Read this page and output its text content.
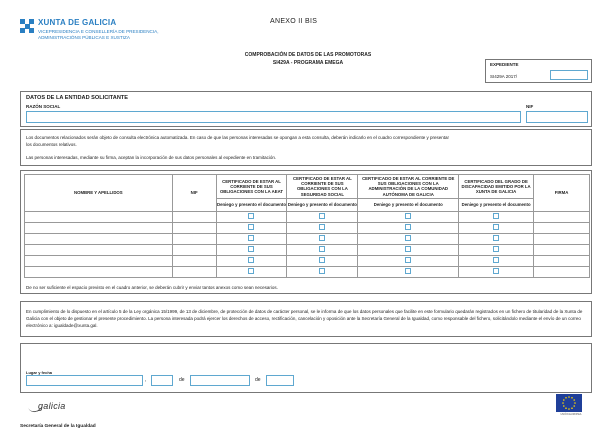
XUNTA DE GALICIA
VICEPRESIDENCIA E CONSELLERÍA DE PRESIDENCIA,
ADMINISTRACIÓNS PÚBLICAS E XUSTIZA
ANEXO II BIS
COMPROBACIÓN DE DATOS DE LAS PROMOTORAS
SI429A - PROGRAMA EMEGA	EXPEDIENTE
SI429A 2017/
DATOS DE LA ENTIDAD SOLICITANTE
RAZÓN SOCIAL	NIF

Los documentos relacionados serán objeto de consulta electrónica automatizada. En caso de que las personas interesadas se opongan a esta consulta, deberán indicarlo en el cuadro correspondiente y presentar

los documentos relativos.

Las personas interesadas, mediante su firma, aceptan la incorporación de sus datos personales al expediente en tramitación.

NOMBRE Y APELLIDOS	NIF	CERTIFICADO DE ESTAR AL CORRIENTE DE SUS OBLIGACIONES CON LA AEAT	CERTIFICADO DE ESTAR AL CORRIENTE DE SUS OBLIGACIONES CON LA SEGURIDAD SOCIAL	CERTIFICADO DE ESTAR AL CORRIENTE DE SUS OBLIGACIONES CON LA ADMINISTRACIÓN DE LA COMUNIDAD AUTÓNOMA DE GALICIA	CERTIFICADO DEL GRADO DE DISCAPACIDAD EMITIDO POR LA XUNTA DE GALICIA	FIRMA
		Deniego y presento el documento	Deniego y presento el documento	Deniego y presento el documento	Deniego y presento el documento	

De no ser suficiente el espacio previsto en el cuadro anterior, se deberán cubrir y enviar tantos anexos como sean necesarios.

En cumplimiento de lo dispuesto en el artículo 5 de la Ley orgánica 15/1999, de 13 de diciembre, de protección de datos de carácter personal, se le informa de que los datos personales que facilite en este formulario quedarán registrados en un fichero de titularidad de la Xunta de Galicia con el objeto de gestionar el presente procedimiento. La persona interesada podrá ejercer los derechos de acceso, rectificación, cancelación y oposición ante la Secretaría General de la Igualdad, como responsable del fichero, solicitándolo mediante el envío de un correo electrónico a: igualdade@xunta.gal.

Lugar y fecha
,	de	de
galicia
Secretaría General de la Igualdad
UNIÓN EUROPEA
